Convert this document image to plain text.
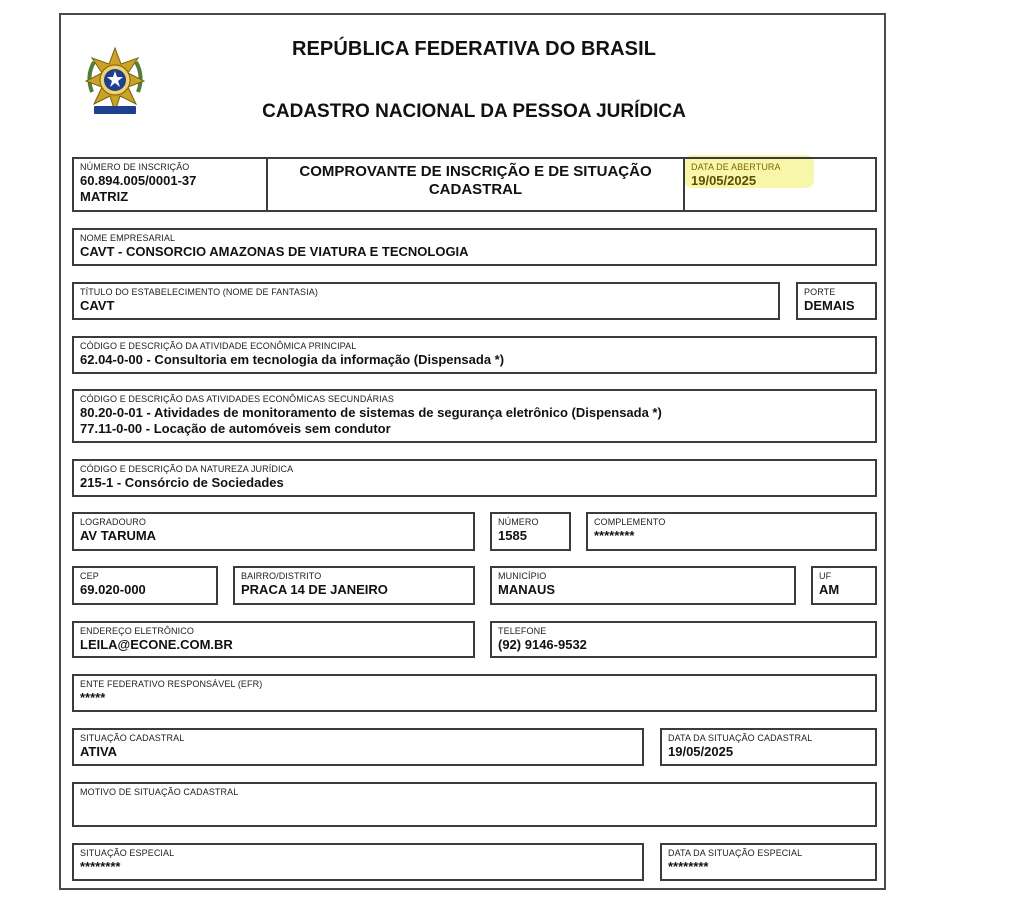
REPÚBLICA FEDERATIVA DO BRASIL
CADASTRO NACIONAL DA PESSOA JURÍDICA
NÚMERO DE INSCRIÇÃO
60.894.005/0001-37
MATRIZ
COMPROVANTE DE INSCRIÇÃO E DE SITUAÇÃO
CADASTRAL
DATA DE ABERTURA
19/05/2025
NOME EMPRESARIAL
CAVT - CONSORCIO AMAZONAS DE VIATURA E TECNOLOGIA
TÍTULO DO ESTABELECIMENTO (NOME DE FANTASIA)
CAVT
PORTE
DEMAIS
CÓDIGO E DESCRIÇÃO DA ATIVIDADE ECONÔMICA PRINCIPAL
62.04-0-00 - Consultoria em tecnologia da informação (Dispensada *)
CÓDIGO E DESCRIÇÃO DAS ATIVIDADES ECONÔMICAS SECUNDÁRIAS
80.20-0-01 - Atividades de monitoramento de sistemas de segurança eletrônico (Dispensada *)
77.11-0-00 - Locação de automóveis sem condutor
CÓDIGO E DESCRIÇÃO DA NATUREZA JURÍDICA
215-1 - Consórcio de Sociedades
LOGRADOURO
AV TARUMA
NÚMERO
1585
COMPLEMENTO
********
CEP
69.020-000
BAIRRO/DISTRITO
PRACA 14 DE JANEIRO
MUNICÍPIO
MANAUS
UF
AM
ENDEREÇO ELETRÔNICO
LEILA@ECONE.COM.BR
TELEFONE
(92) 9146-9532
ENTE FEDERATIVO RESPONSÁVEL (EFR)
*****
SITUAÇÃO CADASTRAL
ATIVA
DATA DA SITUAÇÃO CADASTRAL
19/05/2025
MOTIVO DE SITUAÇÃO CADASTRAL
SITUAÇÃO ESPECIAL
********
DATA DA SITUAÇÃO ESPECIAL
********
